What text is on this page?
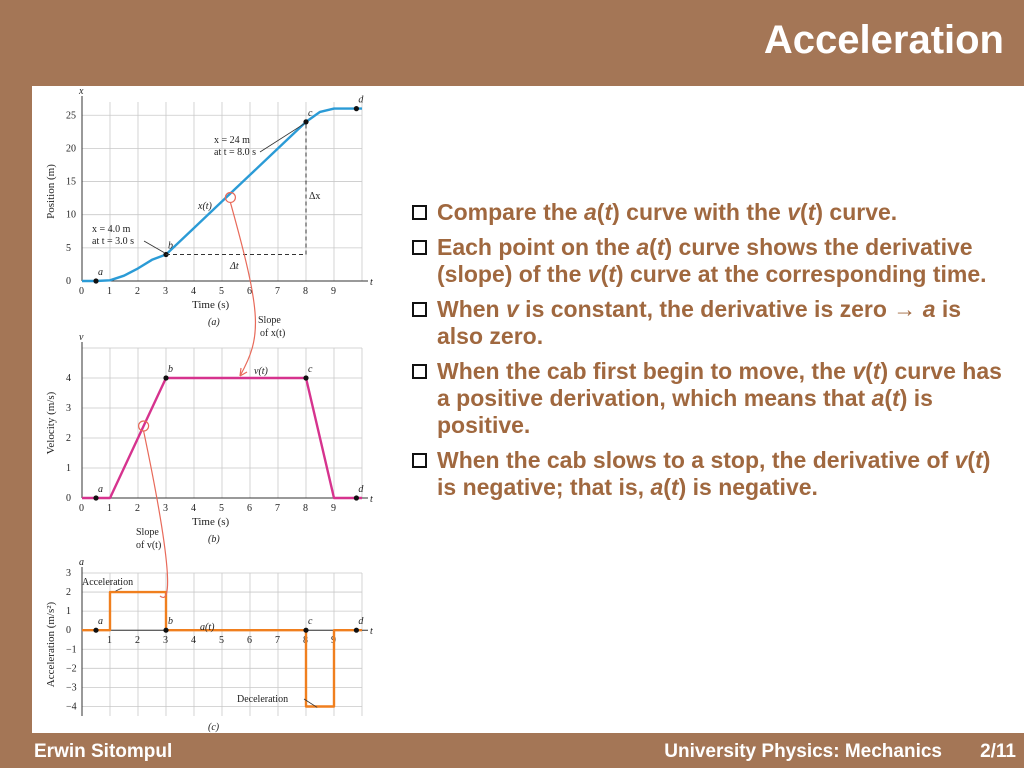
Acceleration
x
t
0 1 2 3 4 5 6 7 8 9
0
5
10
15
20
25
Time (s)
Position (m)
(a)
a
b
c
d
v
t
0 1 2 3 4 5 6 7 8 9
0
1
2
3
4
Time (s)
Velocity (m/s)
(b)
a
b	c
d
a
t
1 2 3 4 5 6 7 8 9
3
2
1
0
−1
−2
−3
−4
Acceleration (m/s²)
(c)
a	b	c	d
x = 24 m
at t = 8.0 s
x = 4.0 m
at t = 3.0 s
x(t)
Δx
Δt
Slope
of x(t)
v(t)
Slope
of v(t)
Acceleration
a(t)
Deceleration
Compare the a(t) curve with the v(t) curve.
Each point on the a(t) curve shows the derivative (slope) of the v(t) curve at the corresponding time.
When v is constant, the derivative is zero → a is also zero.
When the cab first begin to move, the v(t) curve has a positive derivation, which means that a(t) is positive.
When the cab slows to a stop, the derivative of v(t) is negative; that is, a(t) is negative.
Erwin Sitompul	University Physics: Mechanics 2/11
